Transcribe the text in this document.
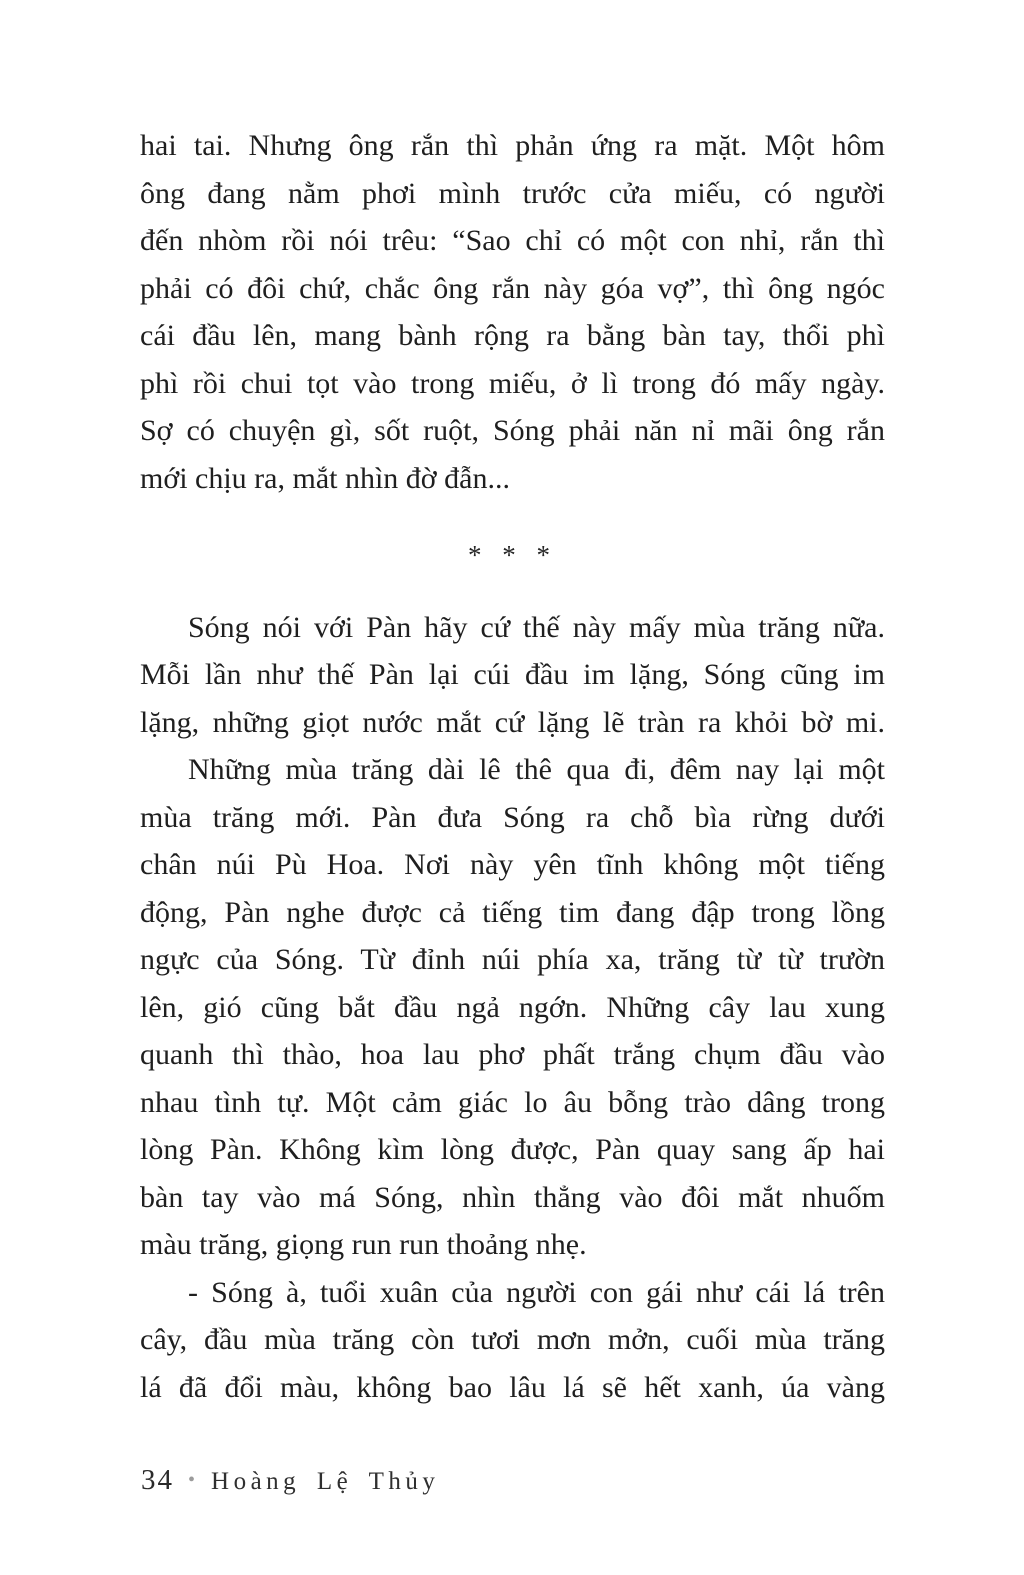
hai tai. Nhưng ông rắn thì phản ứng ra mặt. Một hôm

ông đang nằm phơi mình trước cửa miếu, có người

đến nhòm rồi nói trêu: “Sao chỉ có một con nhỉ, rắn thì

phải có đôi chứ, chắc ông rắn này góa vợ”, thì ông ngóc

cái đầu lên, mang bành rộng ra bằng bàn tay, thổi phì

phì rồi chui tọt vào trong miếu, ở lì trong đó mấy ngày.

Sợ có chuyện gì, sốt ruột, Sóng phải năn nỉ mãi ông rắn

mới chịu ra, mắt nhìn đờ đẫn...

* * *

Sóng nói với Pàn hãy cứ thế này mấy mùa trăng nữa.

Mỗi lần như thế Pàn lại cúi đầu im lặng, Sóng cũng im

lặng, những giọt nước mắt cứ lặng lẽ tràn ra khỏi bờ mi.

Những mùa trăng dài lê thê qua đi, đêm nay lại một

mùa trăng mới. Pàn đưa Sóng ra chỗ bìa rừng dưới

chân núi Pù Hoa. Nơi này yên tĩnh không một tiếng

động, Pàn nghe được cả tiếng tim đang đập trong lồng

ngực của Sóng. Từ đỉnh núi phía xa, trăng từ từ trườn

lên, gió cũng bắt đầu ngả ngớn. Những cây lau xung

quanh thì thào, hoa lau phơ phất trắng chụm đầu vào

nhau tình tự. Một cảm giác lo âu bỗng trào dâng trong

lòng Pàn. Không kìm lòng được, Pàn quay sang ấp hai

bàn tay vào má Sóng, nhìn thẳng vào đôi mắt nhuốm

màu trăng, giọng run run thoảng nhẹ.

- Sóng à, tuổi xuân của người con gái như cái lá trên

cây, đầu mùa trăng còn tươi mơn mởn, cuối mùa trăng

lá đã đổi màu, không bao lâu lá sẽ hết xanh, úa vàng

34 • Hoàng Lệ Thủy
